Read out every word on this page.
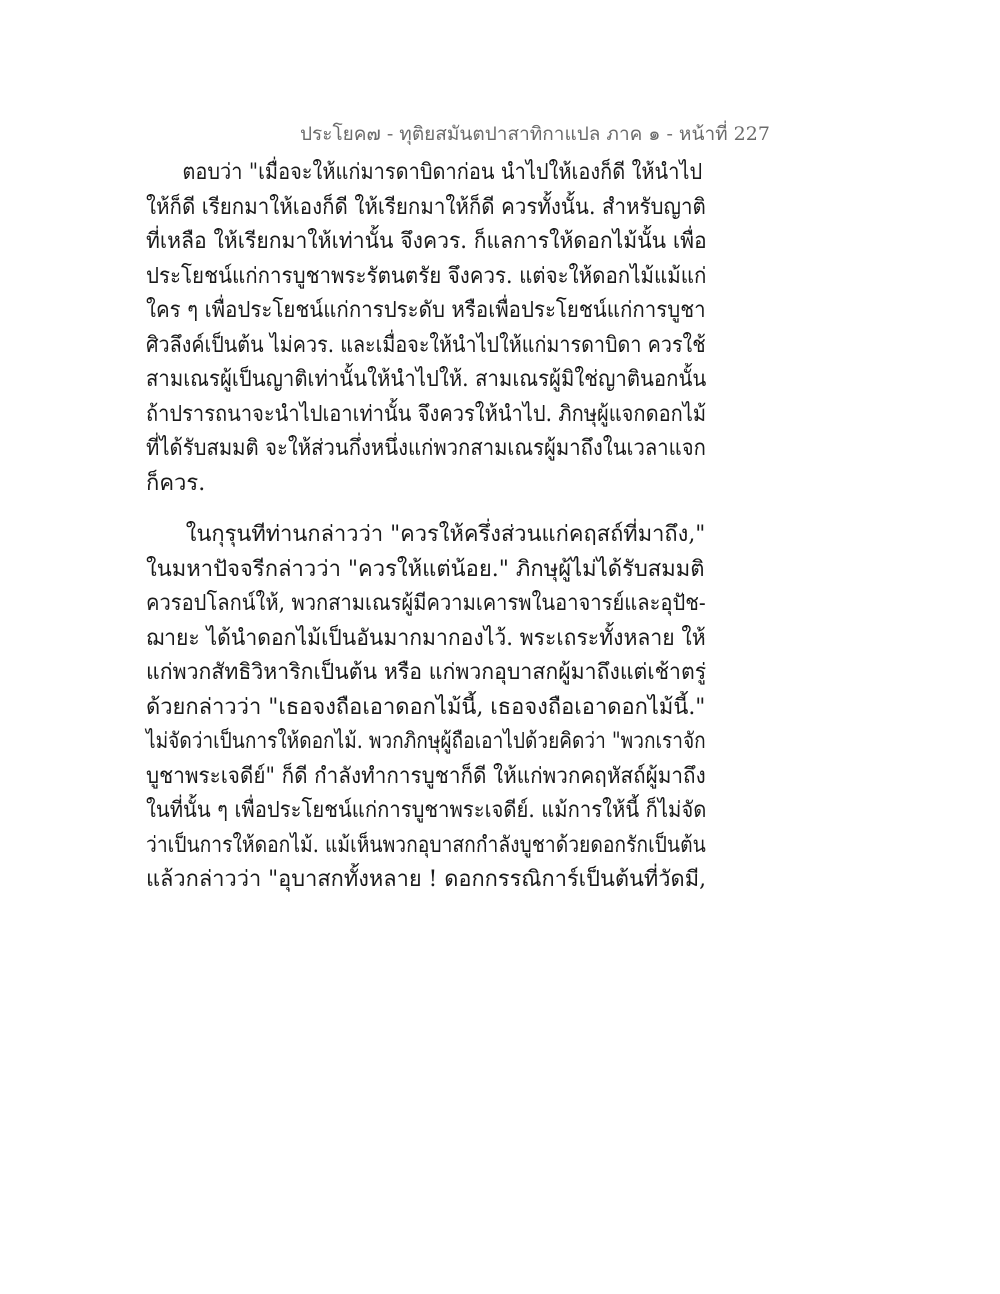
ประโยค๗ - ทุติยสมันตปาสาทิกาแปล ภาค ๑ - หน้าที่ 227
ตอบว่า "เมื่อจะให้แก่มารดาบิดาก่อน นำไปให้เองก็ดี ให้นำไป
ให้ก็ดี เรียกมาให้เองก็ดี ให้เรียกมาให้ก็ดี ควรทั้งนั้น. สำหรับญาติ
ที่เหลือ ให้เรียกมาให้เท่านั้น จึงควร. ก็แลการให้ดอกไม้นั้น เพื่อ
ประโยชน์แก่การบูชาพระรัตนตรัย จึงควร. แต่จะให้ดอกไม้แม้แก่
ใคร ๆ เพื่อประโยชน์แก่การประดับ หรือเพื่อประโยชน์แก่การบูชา
ศิวลึงค์เป็นต้น ไม่ควร. และเมื่อจะให้นำไปให้แก่มารดาบิดา ควรใช้
สามเณรผู้เป็นญาติเท่านั้นให้นำไปให้. สามเณรผู้มิใช่ญาตินอกนั้น
ถ้าปรารถนาจะนำไปเอาเท่านั้น จึงควรให้นำไป. ภิกษุผู้แจกดอกไม้
ที่ได้รับสมมติ จะให้ส่วนกึ่งหนึ่งแก่พวกสามเณรผู้มาถึงในเวลาแจก
ก็ควร.
ในกุรุนทีท่านกล่าวว่า "ควรให้ครึ่งส่วนแก่คฤสถ์ที่มาถึง,"
ในมหาปัจจรีกล่าวว่า "ควรให้แต่น้อย." ภิกษุผู้ไม่ได้รับสมมติ
ควรอปโลกน์ให้, พวกสามเณรผู้มีความเคารพในอาจารย์และอุปัช-
ฌายะ ได้นำดอกไม้เป็นอันมากมากองไว้. พระเถระทั้งหลาย ให้
แก่พวกสัทธิวิหาริกเป็นต้น หรือ แก่พวกอุบาสกผู้มาถึงแต่เช้าตรู่
ด้วยกล่าวว่า "เธอจงถือเอาดอกไม้นี้, เธอจงถือเอาดอกไม้นี้."
ไม่จัดว่าเป็นการให้ดอกไม้. พวกภิกษุผู้ถือเอาไปด้วยคิดว่า "พวกเราจัก
บูชาพระเจดีย์" ก็ดี กำลังทำการบูชาก็ดี ให้แก่พวกคฤหัสถ์ผู้มาถึง
ในที่นั้น ๆ เพื่อประโยชน์แก่การบูชาพระเจดีย์. แม้การให้นี้ ก็ไม่จัด
ว่าเป็นการให้ดอกไม้. แม้เห็นพวกอุบาสกกำลังบูชาด้วยดอกรักเป็นต้น
แล้วกล่าวว่า "อุบาสกทั้งหลาย ! ดอกกรรณิการ์เป็นต้นที่วัดมี,
